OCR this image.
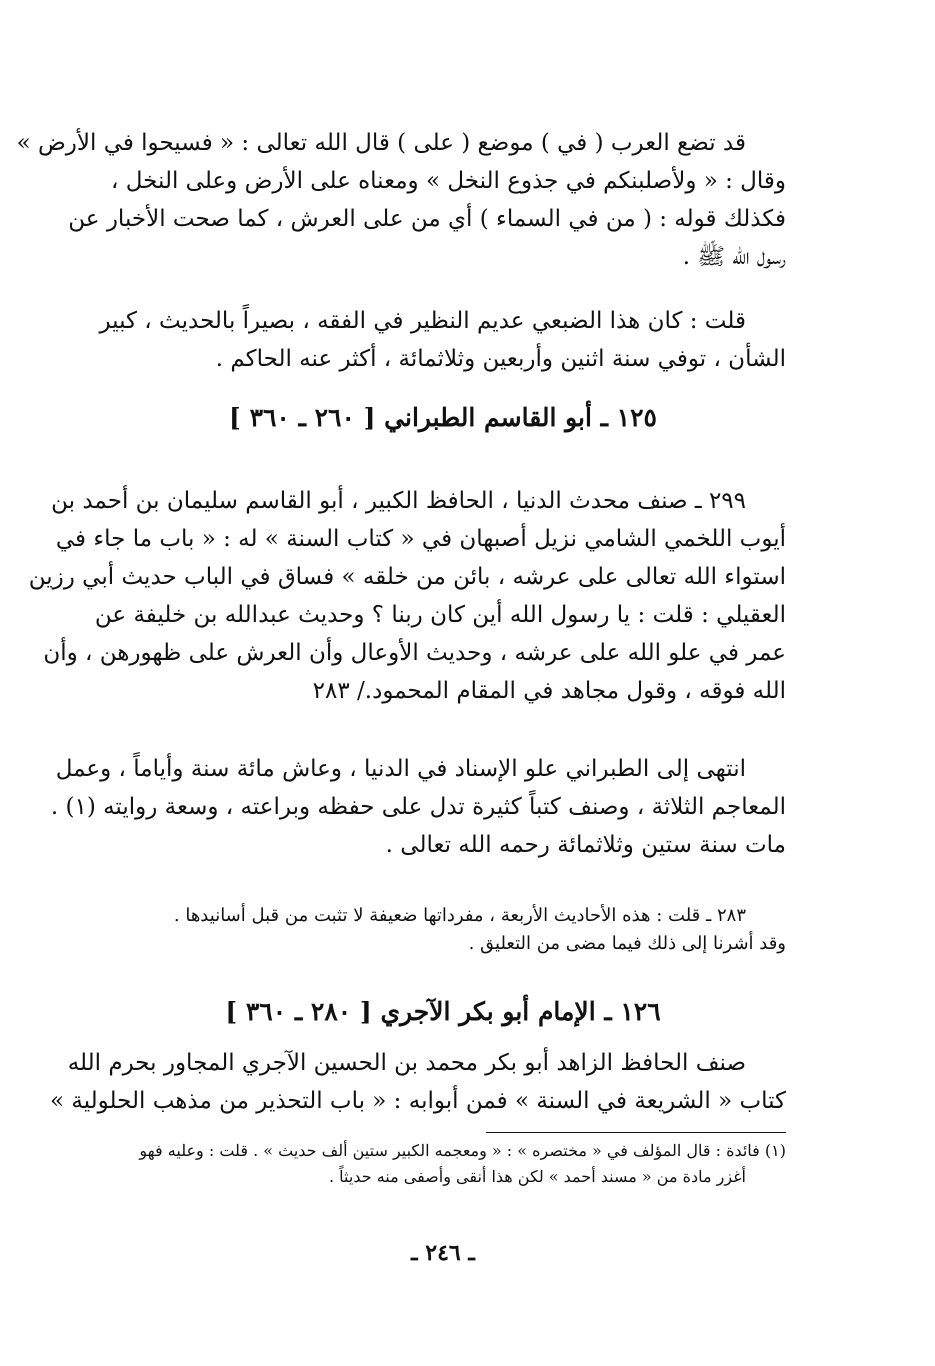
قد تضع العرب ( في ) موضع ( على ) قال الله تعالى : « فسيحوا في الأرض »
وقال : « ولأصلبنكم في جذوع النخل » ومعناه على الأرض وعلى النخل ،
فكذلك قوله : ( من في السماء ) أي من على العرش ، كما صحت الأخبار عن
رسول الله ﷺ .
قلت : كان هذا الضبعي عديم النظير في الفقه ، بصيراً بالحديث ، كبير
الشأن ، توفي سنة اثنين وأربعين وثلاثمائة ، أكثر عنه الحاكم .
١٢٥ ـ أبو القاسم الطبراني [ ٢٦٠ ـ ٣٦٠ ]
٢٩٩ ـ صنف محدث الدنيا ، الحافظ الكبير ، أبو القاسم سليمان بن أحمد بن
أيوب اللخمي الشامي نزيل أصبهان في « كتاب السنة » له : « باب ما جاء في
استواء الله تعالى على عرشه ، بائن من خلقه » فساق في الباب حديث أبي رزين
العقيلي : قلت : يا رسول الله أين كان ربنا ؟ وحديث عبدالله بن خليفة عن
عمر في علو الله على عرشه ، وحديث الأوعال وأن العرش على ظهورهن ، وأن
الله فوقه ، وقول مجاهد في المقام المحمود./ ٢٨٣
انتهى إلى الطبراني علو الإسناد في الدنيا ، وعاش مائة سنة وأياماً ، وعمل
المعاجم الثلاثة ، وصنف كتباً كثيرة تدل على حفظه وبراعته ، وسعة روايته (١) .
مات سنة ستين وثلاثمائة رحمه الله تعالى .
٢٨٣ ـ قلت : هذه الأحاديث الأربعة ، مفرداتها ضعيفة لا تثبت من قبل أسانيدها .
وقد أشرنا إلى ذلك فيما مضى من التعليق .
١٢٦ ـ الإمام أبو بكر الآجري [ ٢٨٠ ـ ٣٦٠ ]
صنف الحافظ الزاهد أبو بكر محمد بن الحسين الآجري المجاور بحرم الله
كتاب « الشريعة في السنة » فمن أبوابه : « باب التحذير من مذهب الحلولية »
(١) فائدة : قال المؤلف في « مختصره » : « ومعجمه الكبير ستين ألف حديث » . قلت : وعليه فهو
أغزر مادة من « مسند أحمد » لكن هذا أنقى وأصفى منه حديثاً .
ـ ٢٤٦ ـ
